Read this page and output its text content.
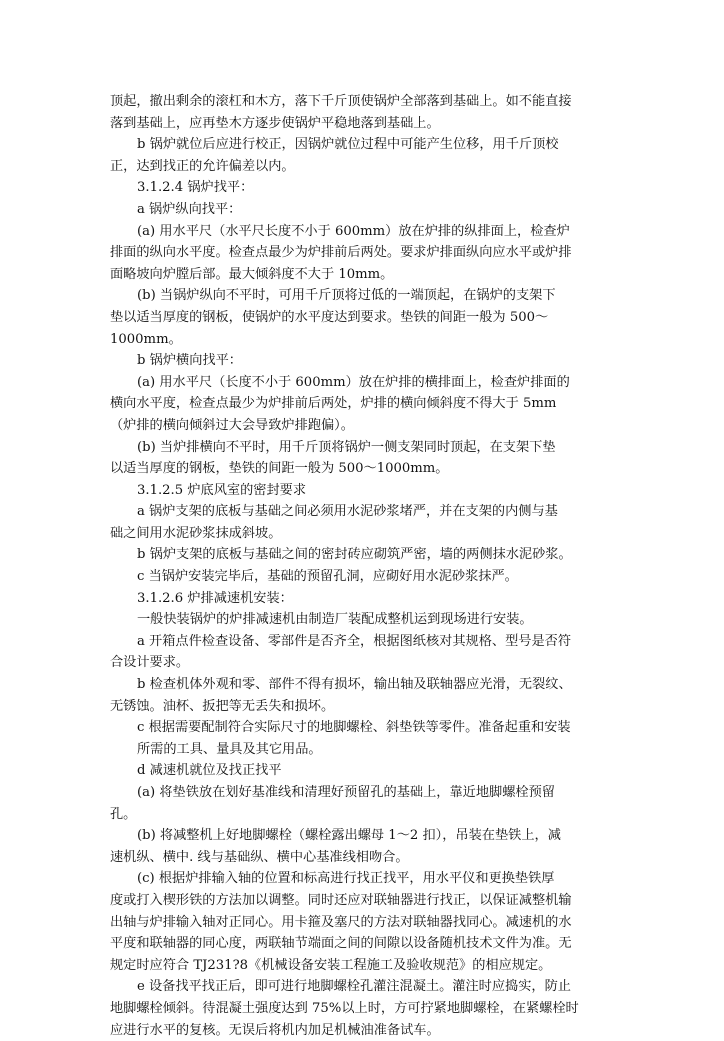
顶起，撤出剩余的滚杠和木方，落下千斤顶使锅炉全部落到基础上。如不能直接
落到基础上，应再垫木方逐步使锅炉平稳地落到基础上。
b 锅炉就位后应进行校正，因锅炉就位过程中可能产生位移，用千斤顶校
正，达到找正的允许偏差以内。
3.1.2.4 锅炉找平：
a 锅炉纵向找平：
(a) 用水平尺（水平尺长度不小于 600mm）放在炉排的纵排面上，检查炉
排面的纵向水平度。检查点最少为炉排前后两处。要求炉排面纵向应水平或炉排
面略坡向炉膛后部。最大倾斜度不大于 10mm。
(b) 当锅炉纵向不平时，可用千斤顶将过低的一端顶起，在锅炉的支架下
垫以适当厚度的钢板，使锅炉的水平度达到要求。垫铁的间距一般为 500～
1000mm。
b 锅炉横向找平：
(a) 用水平尺（长度不小于 600mm）放在炉排的横排面上，检查炉排面的
横向水平度，检查点最少为炉排前后两处，炉排的横向倾斜度不得大于 5mm
（炉排的横向倾斜过大会导致炉排跑偏）。
(b) 当炉排横向不平时，用千斤顶将锅炉一侧支架同时顶起，在支架下垫
以适当厚度的钢板，垫铁的间距一般为 500～1000mm。
3.1.2.5 炉底风室的密封要求
a 锅炉支架的底板与基础之间必须用水泥砂浆堵严，并在支架的内侧与基
础之间用水泥砂浆抹成斜坡。
b 锅炉支架的底板与基础之间的密封砖应砌筑严密，墙的两侧抹水泥砂浆。
c 当锅炉安装完毕后，基础的预留孔洞，应砌好用水泥砂浆抹严。
3.1.2.6 炉排减速机安装：
一般快装锅炉的炉排减速机由制造厂装配成整机运到现场进行安装。
a 开箱点件检查设备、零部件是否齐全，根据图纸核对其规格、型号是否符
合设计要求。
b 检查机体外观和零、部件不得有损坏，输出轴及联轴器应光滑，无裂纹、
无锈蚀。油杯、扳把等无丢失和损坏。
c 根据需要配制符合实际尺寸的地脚螺栓、斜垫铁等零件。准备起重和安装
所需的工具、量具及其它用品。
d 减速机就位及找正找平
(a) 将垫铁放在划好基准线和清理好预留孔的基础上，靠近地脚螺栓预留
孔。
(b) 将减整机上好地脚螺栓（螺栓露出螺母 1～2 扣），吊装在垫铁上，减
速机纵、横中. 线与基础纵、横中心基准线相吻合。
(c) 根据炉排输入轴的位置和标高进行找正找平，用水平仪和更换垫铁厚
度或打入楔形铁的方法加以调整。同时还应对联轴器进行找正，以保证减整机输
出轴与炉排输入轴对正同心。用卡箍及塞尺的方法对联轴器找同心。减速机的水
平度和联轴器的同心度，两联轴节端面之间的间隙以设备随机技术文件为准。无
规定时应符合 TJ231?8《机械设备安装工程施工及验收规范》的相应规定。
e 设备找平找正后，即可进行地脚螺栓孔灌注混凝土。灌注时应捣实，防止
地脚螺栓倾斜。待混凝土强度达到 75%以上时，方可拧紧地脚螺栓，在紧螺栓时
应进行水平的复核。无误后将机内加足机械油准备试车。
